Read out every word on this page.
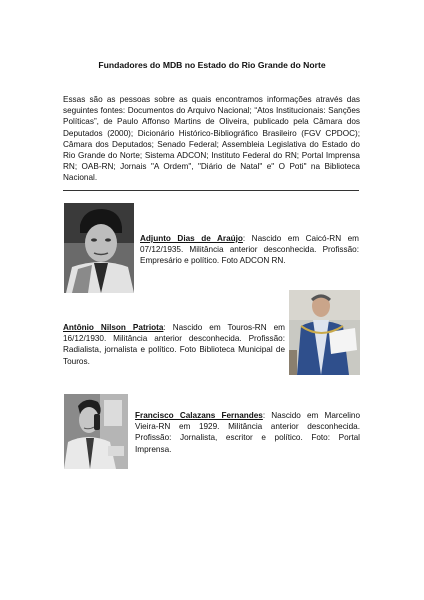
Fundadores do MDB no Estado do Rio Grande do Norte
Essas são as pessoas sobre as quais encontramos informações através das seguintes fontes: Documentos do Arquivo Nacional; “Atos Institucionais: Sanções Políticas”, de Paulo Affonso Martins de Oliveira, publicado pela Câmara dos Deputados (2000); Dicionário Histórico-Bibliográfico Brasileiro (FGV CPDOC); Câmara dos Deputados; Senado Federal; Assembleia Legislativa do Estado do Rio Grande do Norte; Sistema ADCON; Instituto Federal do RN; Portal Imprensa RN; OAB-RN; Jornais "A Ordem", "Diário de Natal" e" O Poti" na Biblioteca Nacional.
Adjunto Dias de Araújo: Nascido em Caicó-RN em 07/12/1935. Militância anterior desconhecida. Profissão: Empresário e político. Foto ADCON RN.
Antônio Nilson Patriota: Nascido em Touros-RN em 16/12/1930. Militância anterior desconhecida. Profissão: Radialista, jornalista e político. Foto Biblioteca Municipal de Touros.
Francisco Calazans Fernandes: Nascido em Marcelino Vieira-RN em 1929. Militância anterior desconhecida. Profissão: Jornalista, escritor e político. Foto: Portal Imprensa.
